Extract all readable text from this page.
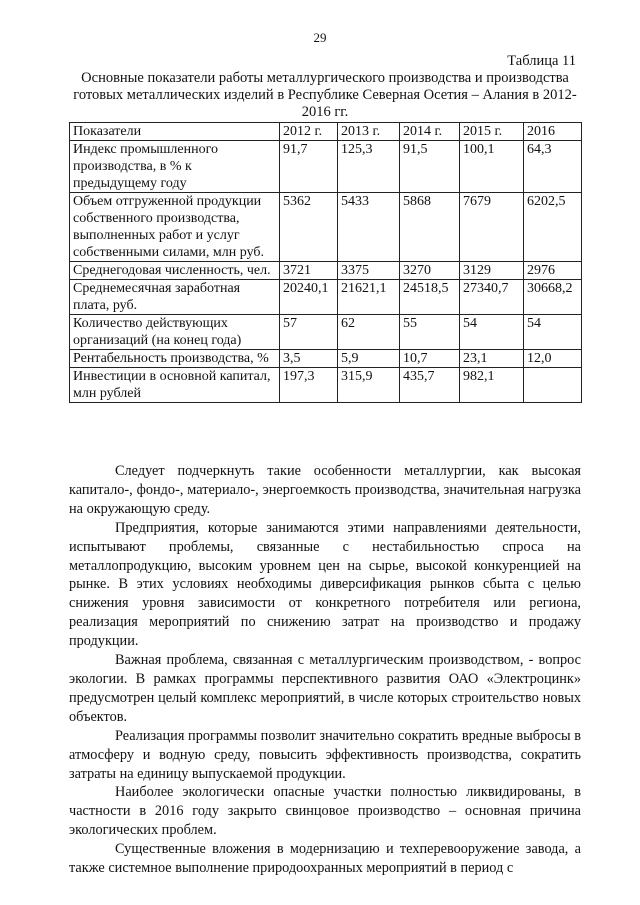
29
Таблица 11
Основные показатели работы металлургического производства и производства готовых металлических изделий в Республике Северная Осетия – Алания в 2012-2016 гг.
Показатели	2012 г.	2013 г.	2014 г.	2015 г.	2016
Индекс промышленного производства, в % к предыдущему году	91,7	125,3	91,5	100,1	64,3
Объем отгруженной продукции собственного производства, выполненных работ и услуг собственными силами, млн руб.	5362	5433	5868	7679	6202,5
Среднегодовая численность, чел.	3721	3375	3270	3129	2976
Среднемесячная заработная плата, руб.	20240,1	21621,1	24518,5	27340,7	30668,2
Количество действующих организаций (на конец года)	57	62	55	54	54
Рентабельность производства, %	3,5	5,9	10,7	23,1	12,0
Инвестиции в основной капитал, млн рублей	197,3	315,9	435,7	982,1	

Следует подчеркнуть такие особенности металлургии, как высокая капитало-, фондо-, материало-, энергоемкость производства, значительная нагрузка на окружающую среду.

Предприятия, которые занимаются этими направлениями деятельности, испытывают проблемы, связанные с нестабильностью спроса на металлопродукцию, высоким уровнем цен на сырье, высокой конкуренцией на рынке. В этих условиях необходимы диверсификация рынков сбыта с целью снижения уровня зависимости от конкретного потребителя или региона, реализация мероприятий по снижению затрат на производство и продажу продукции.

Важная проблема, связанная с металлургическим производством, - вопрос экологии. В рамках программы перспективного развития ОАО «Электроцинк» предусмотрен целый комплекс мероприятий, в числе которых строительство новых объектов.

Реализация программы позволит значительно сократить вредные выбросы в атмосферу и водную среду, повысить эффективность производства, сократить затраты на единицу выпускаемой продукции.

Наиболее экологически опасные участки полностью ликвидированы, в частности в 2016 году закрыто свинцовое производство – основная причина экологических проблем.

Существенные вложения в модернизацию и техперевооружение завода, а также системное выполнение природоохранных мероприятий в период с
